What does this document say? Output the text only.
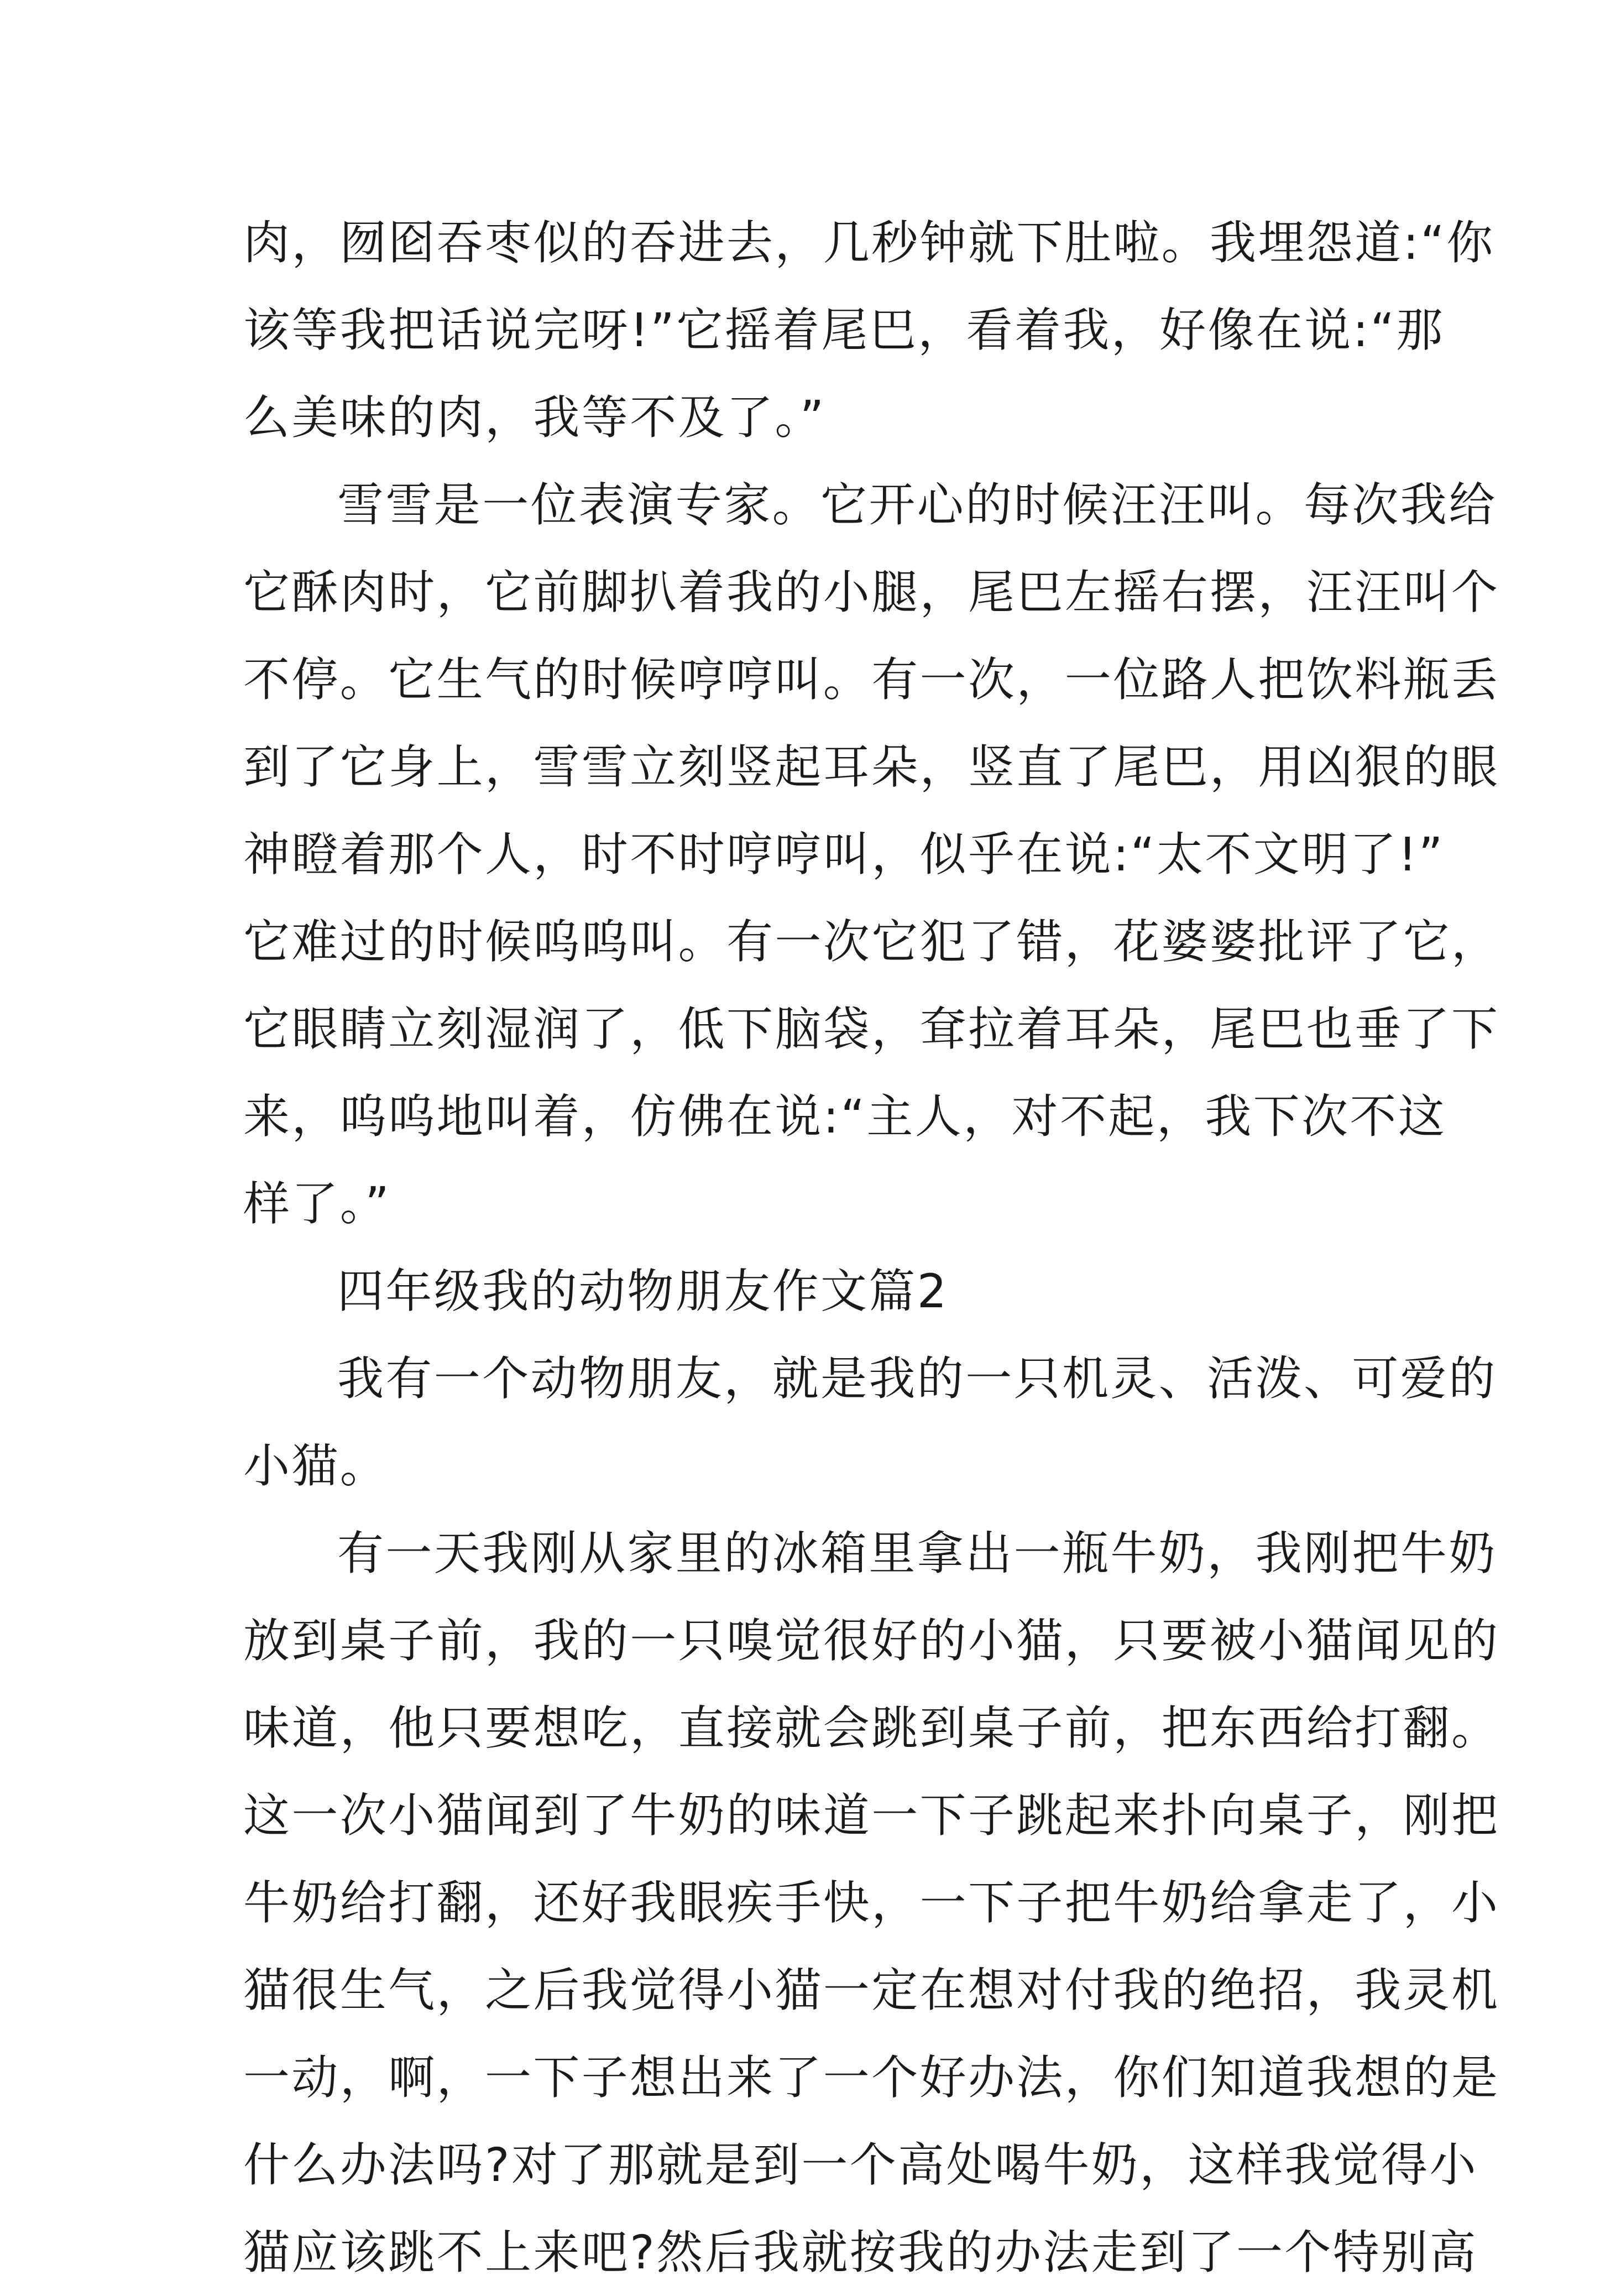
肉，囫囵吞枣似的吞进去，几秒钟就下肚啦。我埋怨道:“你

该等我把话说完呀!”它摇着尾巴，看着我，好像在说:“那

么美味的肉，我等不及了。”

雪雪是一位表演专家。它开心的时候汪汪叫。每次我给

它酥肉时，它前脚扒着我的小腿，尾巴左摇右摆，汪汪叫个

不停。它生气的时候哼哼叫。有一次，一位路人把饮料瓶丢

到了它身上，雪雪立刻竖起耳朵，竖直了尾巴，用凶狠的眼

神瞪着那个人，时不时哼哼叫，似乎在说:“太不文明了!”

它难过的时候呜呜叫。有一次它犯了错，花婆婆批评了它，

它眼睛立刻湿润了，低下脑袋，耷拉着耳朵，尾巴也垂了下

来，呜呜地叫着，仿佛在说:“主人，对不起，我下次不这

样了。”

四年级我的动物朋友作文篇2

我有一个动物朋友，就是我的一只机灵、活泼、可爱的

小猫。

有一天我刚从家里的冰箱里拿出一瓶牛奶，我刚把牛奶

放到桌子前，我的一只嗅觉很好的小猫，只要被小猫闻见的

味道，他只要想吃，直接就会跳到桌子前，把东西给打翻。

这一次小猫闻到了牛奶的味道一下子跳起来扑向桌子，刚把

牛奶给打翻，还好我眼疾手快，一下子把牛奶给拿走了，小

猫很生气，之后我觉得小猫一定在想对付我的绝招，我灵机

一动，啊，一下子想出来了一个好办法，你们知道我想的是

什么办法吗?对了那就是到一个高处喝牛奶，这样我觉得小

猫应该跳不上来吧?然后我就按我的办法走到了一个特别高
